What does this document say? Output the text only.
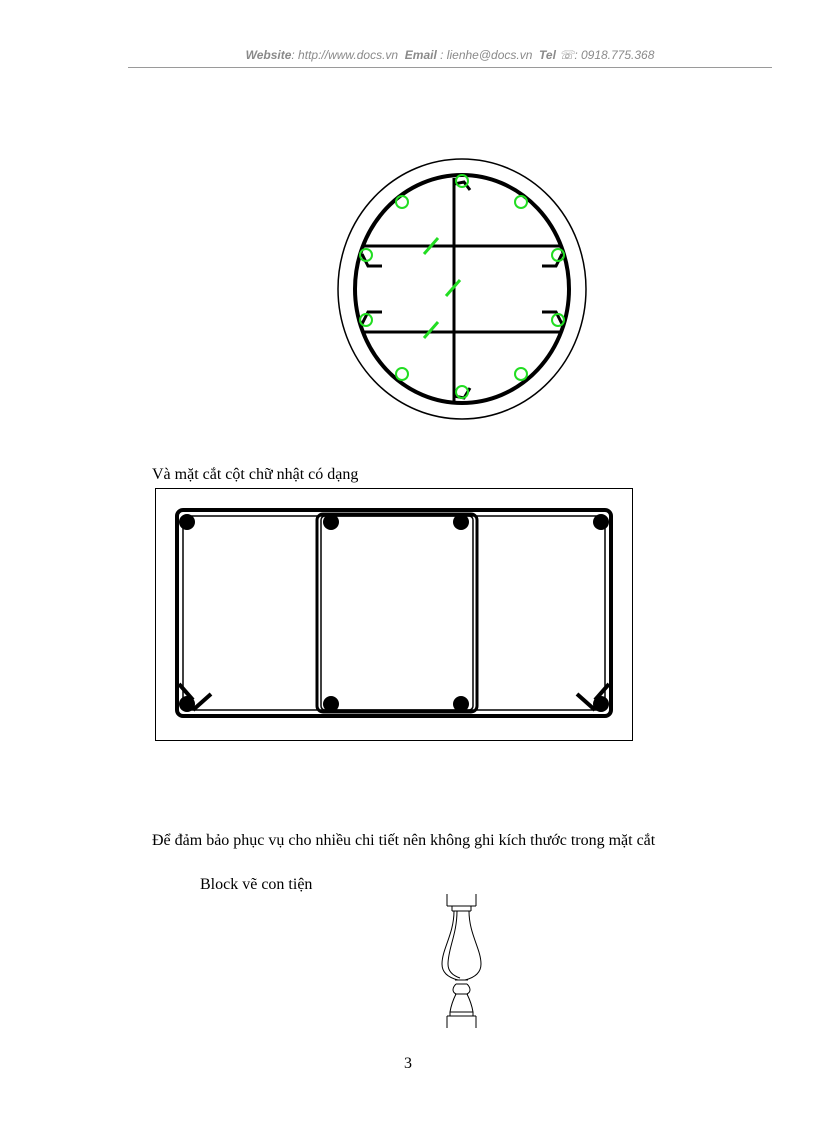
Website: http://www.docs.vn Email : lienhe@docs.vn Tel ☏: 0918.775.368
Và mặt cắt cột chữ nhật có dạng
Để đảm bảo phục vụ cho nhiều chi tiết nên không ghi kích thước trong mặt cắt
Block vẽ con tiện
3
